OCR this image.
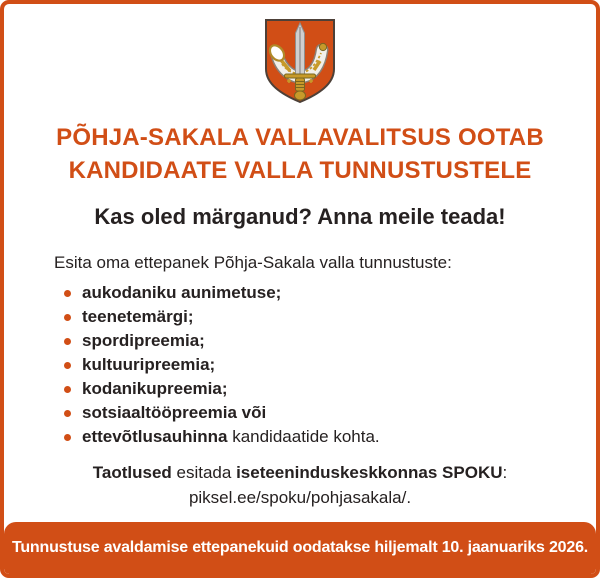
PÕHJA-SAKALA VALLAVALITSUS OOTAB
KANDIDAATE VALLA TUNNUSTUSTELE
Kas oled märganud? Anna meile teada!

Esita oma ettepanek Põhja-Sakala valla tunnustuste:

aukodaniku aunimetuse;
teenetemärgi;
spordipreemia;
kultuuripreemia;
kodanikupreemia;
sotsiaaltööpreemia või
ettevõtlusauhinna kandidaatide kohta.

Taotlused esitada iseteeninduskeskkonnas SPOKU:
piksel.ee/spoku/pohjasakala/.

Tunnustuse avaldamise ettepanekuid oodatakse hiljemalt 10. jaanuariks 2026.
